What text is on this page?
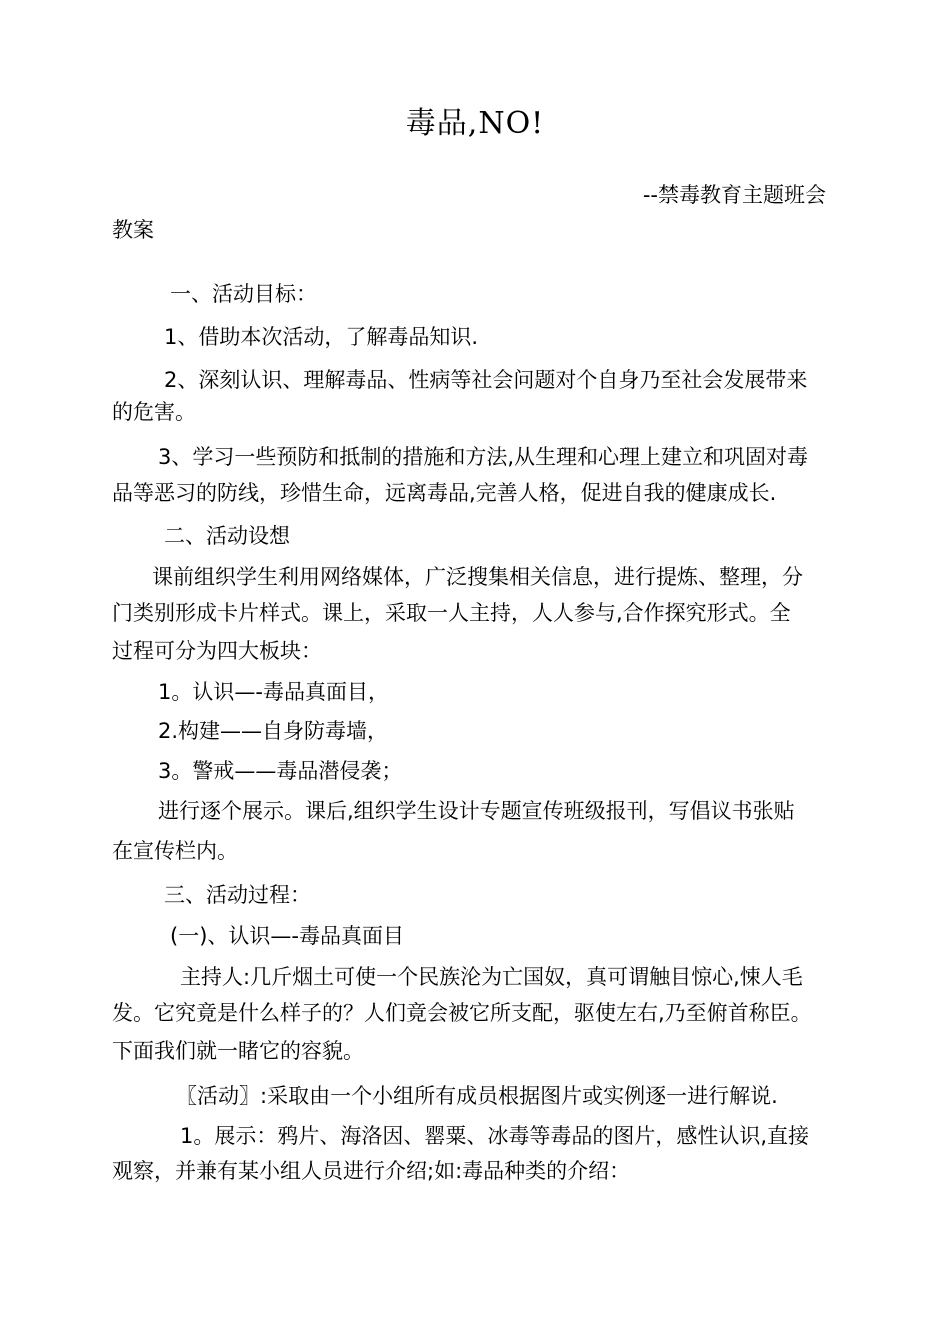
毒品,NO!
--禁毒教育主题班会
教案
一、活动目标：
1、借助本次活动，了解毒品知识.
2、深刻认识、理解毒品、性病等社会问题对个自身乃至社会发展带来
的危害。
3、学习一些预防和抵制的措施和方法,从生理和心理上建立和巩固对毒
品等恶习的防线，珍惜生命，远离毒品,完善人格，促进自我的健康成长.
二、活动设想
课前组织学生利用网络媒体，广泛搜集相关信息，进行提炼、整理，分
门类别形成卡片样式。课上，采取一人主持，人人参与,合作探究形式。全
过程可分为四大板块：
1。认识—-毒品真面目，
2.构建——自身防毒墙，
3。警戒——毒品潜侵袭；
进行逐个展示。课后,组织学生设计专题宣传班级报刊，写倡议书张贴
在宣传栏内。
三、活动过程：
(一)、认识—-毒品真面目
主持人:几斤烟土可使一个民族沦为亡国奴，真可谓触目惊心,悚人毛
发。它究竟是什么样子的？人们竟会被它所支配，驱使左右,乃至俯首称臣。
下面我们就一睹它的容貌。
〖活动〗:采取由一个小组所有成员根据图片或实例逐一进行解说.
1。展示：鸦片、海洛因、罂粟、冰毒等毒品的图片，感性认识,直接
观察，并兼有某小组人员进行介绍;如:毒品种类的介绍：
